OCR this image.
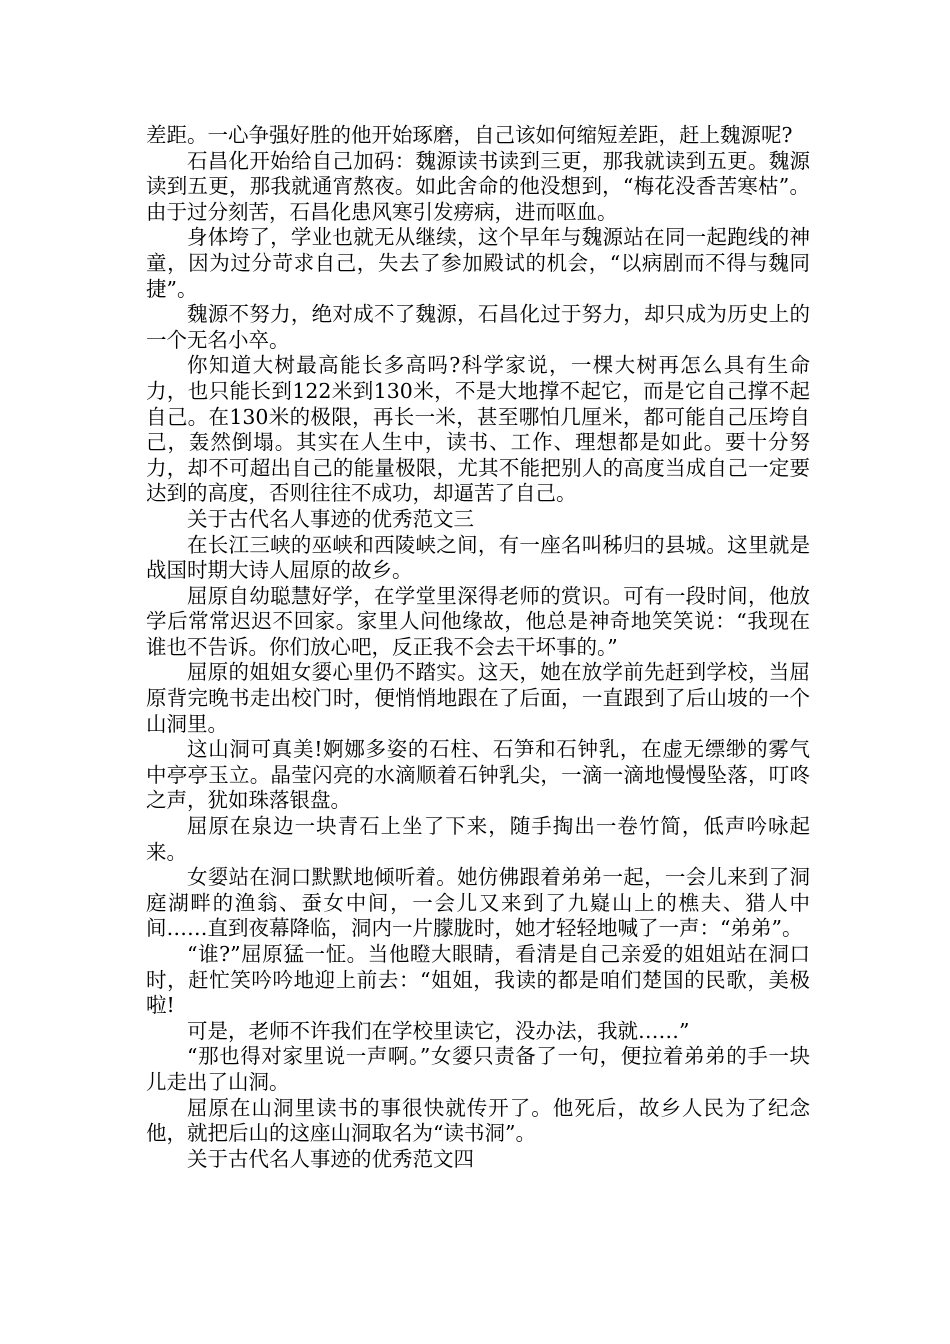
差距。一心争强好胜的他开始琢磨，自己该如何缩短差距，赶上魏源呢?

石昌化开始给自己加码：魏源读书读到三更，那我就读到五更。魏源读到五更，那我就通宵熬夜。如此舍命的他没想到，“梅花没香苦寒枯”。由于过分刻苦，石昌化患风寒引发痨病，进而呕血。

身体垮了，学业也就无从继续，这个早年与魏源站在同一起跑线的神童，因为过分苛求自己，失去了参加殿试的机会，“以病剧而不得与魏同捷”。

魏源不努力，绝对成不了魏源，石昌化过于努力，却只成为历史上的一个无名小卒。

你知道大树最高能长多高吗?科学家说，一棵大树再怎么具有生命力，也只能长到122米到130米，不是大地撑不起它，而是它自己撑不起自己。在130米的极限，再长一米，甚至哪怕几厘米，都可能自己压垮自己，轰然倒塌。其实在人生中，读书、工作、理想都是如此。要十分努力，却不可超出自己的能量极限，尤其不能把别人的高度当成自己一定要达到的高度，否则往往不成功，却逼苦了自己。

关于古代名人事迹的优秀范文三

在长江三峡的巫峡和西陵峡之间，有一座名叫秭归的县城。这里就是战国时期大诗人屈原的故乡。

屈原自幼聪慧好学，在学堂里深得老师的赏识。可有一段时间，他放学后常常迟迟不回家。家里人问他缘故，他总是神奇地笑笑说：“我现在谁也不告诉。你们放心吧，反正我不会去干坏事的。”

屈原的姐姐女媭心里仍不踏实。这天，她在放学前先赶到学校，当屈原背完晚书走出校门时，便悄悄地跟在了后面，一直跟到了后山坡的一个山洞里。

这山洞可真美!婀娜多姿的石柱、石笋和石钟乳，在虚无缥缈的雾气中亭亭玉立。晶莹闪亮的水滴顺着石钟乳尖，一滴一滴地慢慢坠落，叮咚之声，犹如珠落银盘。

屈原在泉边一块青石上坐了下来，随手掏出一卷竹简，低声吟咏起来。

女媭站在洞口默默地倾听着。她仿佛跟着弟弟一起，一会儿来到了洞庭湖畔的渔翁、蚕女中间，一会儿又来到了九嶷山上的樵夫、猎人中间……直到夜幕降临，洞内一片朦胧时，她才轻轻地喊了一声：“弟弟”。

“谁?”屈原猛一怔。当他瞪大眼睛，看清是自己亲爱的姐姐站在洞口时，赶忙笑吟吟地迎上前去：“姐姐，我读的都是咱们楚国的民歌，美极啦!

可是，老师不许我们在学校里读它，没办法，我就……”

“那也得对家里说一声啊。”女媭只责备了一句，便拉着弟弟的手一块儿走出了山洞。

屈原在山洞里读书的事很快就传开了。他死后，故乡人民为了纪念他，就把后山的这座山洞取名为“读书洞”。

关于古代名人事迹的优秀范文四
